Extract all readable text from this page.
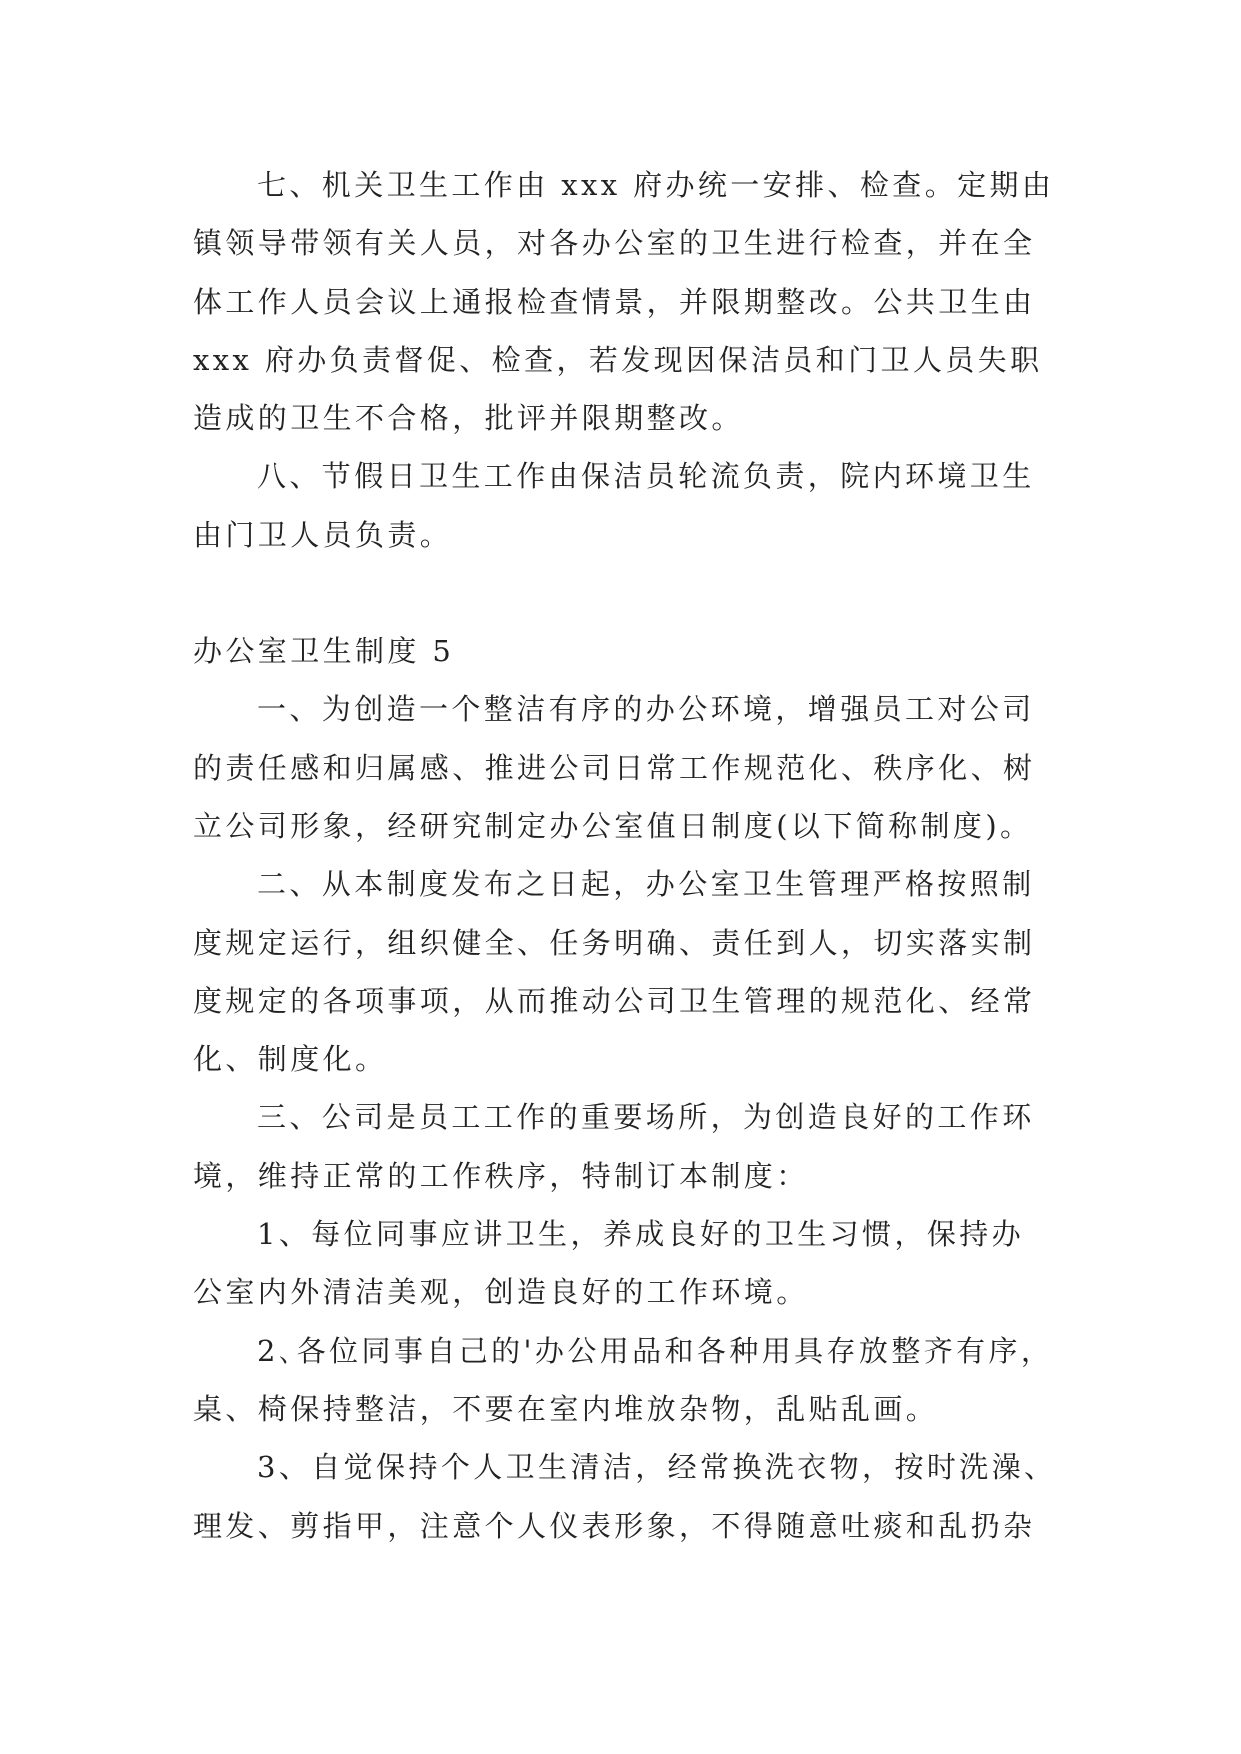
七、机关卫生工作由 xxx 府办统一安排、检查。定期由
镇领导带领有关人员，对各办公室的卫生进行检查，并在全
体工作人员会议上通报检查情景，并限期整改。公共卫生由
xxx 府办负责督促、检查，若发现因保洁员和门卫人员失职
造成的卫生不合格，批评并限期整改。
八、节假日卫生工作由保洁员轮流负责，院内环境卫生
由门卫人员负责。
办公室卫生制度 5
一、为创造一个整洁有序的办公环境，增强员工对公司
的责任感和归属感、推进公司日常工作规范化、秩序化、树
立公司形象，经研究制定办公室值日制度(以下简称制度)。
二、从本制度发布之日起，办公室卫生管理严格按照制
度规定运行，组织健全、任务明确、责任到人，切实落实制
度规定的各项事项，从而推动公司卫生管理的规范化、经常
化、制度化。
三、公司是员工工作的重要场所，为创造良好的工作环
境，维持正常的工作秩序，特制订本制度：
1、每位同事应讲卫生，养成良好的卫生习惯，保持办
公室内外清洁美观，创造良好的工作环境。
2､各位同事自己的'办公用品和各种用具存放整齐有序，
桌、椅保持整洁，不要在室内堆放杂物，乱贴乱画。
3、自觉保持个人卫生清洁，经常换洗衣物，按时洗澡、
理发、剪指甲，注意个人仪表形象，不得随意吐痰和乱扔杂
